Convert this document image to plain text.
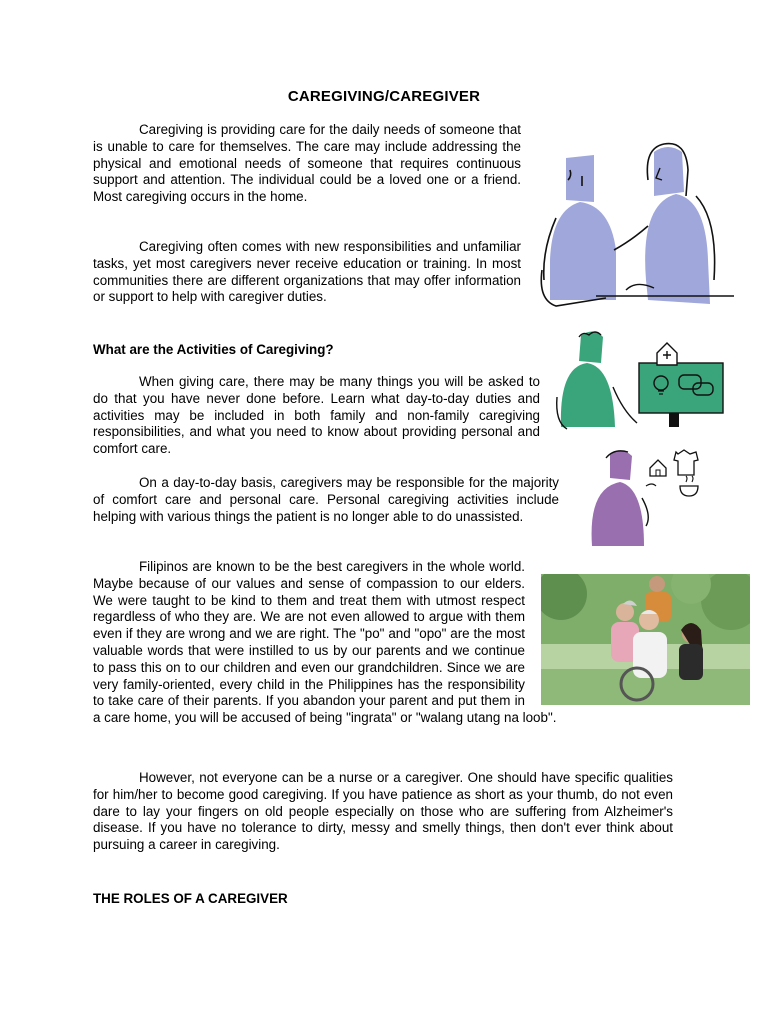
CAREGIVING/CAREGIVER

Caregiving is providing care for the daily needs of someone that is unable to care for themselves. The care may include addressing the physical and emotional needs of someone that requires continuous support and attention. The individual could be a loved one or a friend. Most caregiving occurs in the home.

Caregiving often comes with new responsibilities and unfamiliar tasks, yet most caregivers never receive education or training. In most communities there are different organizations that may offer information or support to help with caregiver duties.

What are the Activities of Caregiving?

When giving care, there may be many things you will be asked to do that you have never done before. Learn what day-to-day duties and activities may be included in both family and non-family caregiving responsibilities, and what you need to know about providing personal and comfort care.

On a day-to-day basis, caregivers may be responsible for the majority of comfort care and personal care. Personal caregiving activities include helping with various things the patient is no longer able to do unassisted.

Filipinos are known to be the best caregivers in the whole world. Maybe because of our values and sense of compassion to our elders. We were taught to be kind to them and treat them with utmost respect regardless of who they are. We are not even allowed to argue with them even if they are wrong and we are right. The "po" and "opo" are the most valuable words that were instilled to us by our parents and we continue to pass this on to our children and even our grandchildren. Since we are very family-oriented, every child in the Philippines has the responsibility to take care of their parents. If you abandon your parent and put them in a care home, you will be accused of being "ingrata" or "walang utang na loob".

However, not everyone can be a nurse or a caregiver. One should have specific qualities for him/her to become good caregiving. If you have patience as short as your thumb, do not even dare to lay your fingers on old people especially on those who are suffering from Alzheimer's disease. If you have no tolerance to dirty, messy and smelly things, then don't ever think about pursuing a career in caregiving.

THE ROLES OF A CAREGIVER
